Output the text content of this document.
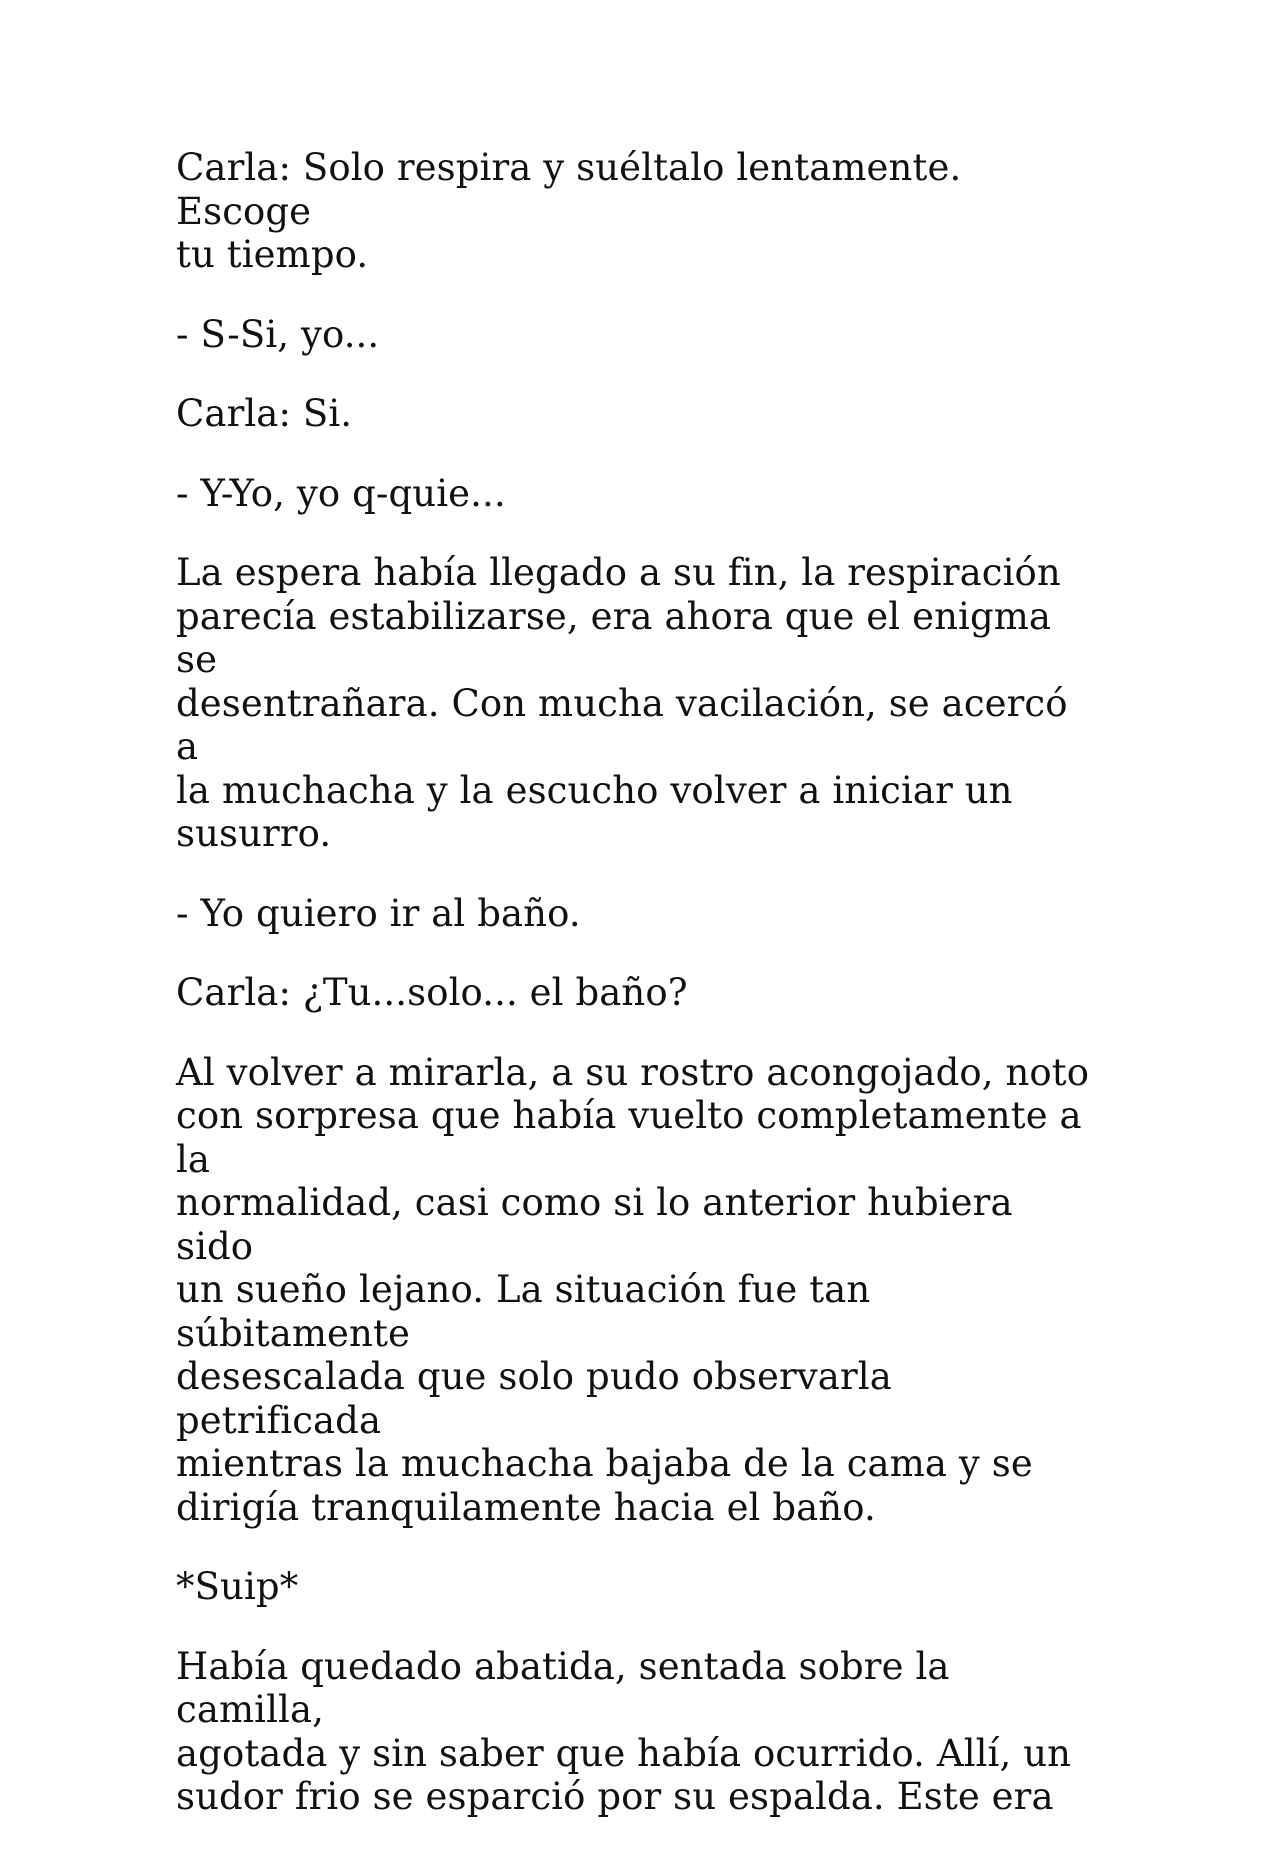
Carla: Solo respira y suéltalo lentamente. Escoge
tu tiempo.

- S-Si, yo...

Carla: Si.

- Y-Yo, yo q-quie...

La espera había llegado a su fin, la respiración
parecía estabilizarse, era ahora que el enigma se
desentrañara. Con mucha vacilación, se acercó a
la muchacha y la escucho volver a iniciar un
susurro.

- Yo quiero ir al baño.

Carla: ¿Tu...solo... el baño?

Al volver a mirarla, a su rostro acongojado, noto
con sorpresa que había vuelto completamente a la
normalidad, casi como si lo anterior hubiera sido
un sueño lejano. La situación fue tan súbitamente
desescalada que solo pudo observarla petrificada
mientras la muchacha bajaba de la cama y se
dirigía tranquilamente hacia el baño.

*Suip*

Había quedado abatida, sentada sobre la camilla,
agotada y sin saber que había ocurrido. Allí, un
sudor frio se esparció por su espalda. Este era
